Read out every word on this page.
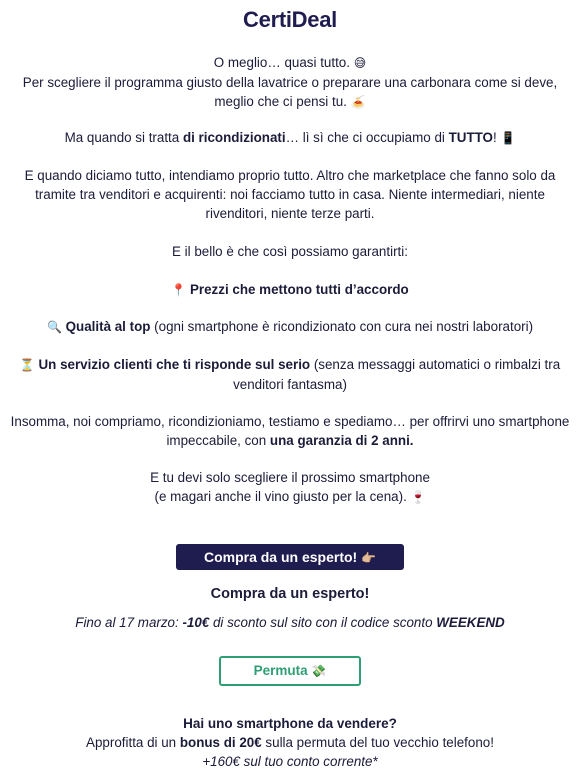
CertiDeal
O meglio… quasi tutto. 😅
Per scegliere il programma giusto della lavatrice o preparare una carbonara come si deve, meglio che ci pensi tu. 🍝
Ma quando si tratta di ricondizionati… lì sì che ci occupiamo di TUTTO! 📱
E quando diciamo tutto, intendiamo proprio tutto. Altro che marketplace che fanno solo da tramite tra venditori e acquirenti: noi facciamo tutto in casa. Niente intermediari, niente rivenditori, niente terze parti.
E il bello è che così possiamo garantirti:
📍 Prezzi che mettono tutti d’accordo
🔍 Qualità al top (ogni smartphone è ricondizionato con cura nei nostri laboratori)
⏳ Un servizio clienti che ti risponde sul serio (senza messaggi automatici o rimbalzi tra venditori fantasma)
Insomma, noi compriamo, ricondizioniamo, testiamo e spediamo… per offrirvi uno smartphone impeccabile, con una garanzia di 2 anni.
E tu devi solo scegliere il prossimo smartphone
(e magari anche il vino giusto per la cena). 🍷
Compra da un esperto! 👉🏼
Compra da un esperto!
Fino al 17 marzo: -10€ di sconto sul sito con il codice sconto WEEKEND
Permuta 💸
Hai uno smartphone da vendere?
Approfitta di un bonus di 20€ sulla permuta del tuo vecchio telefono!
+160€ sul tuo conto corrente*
